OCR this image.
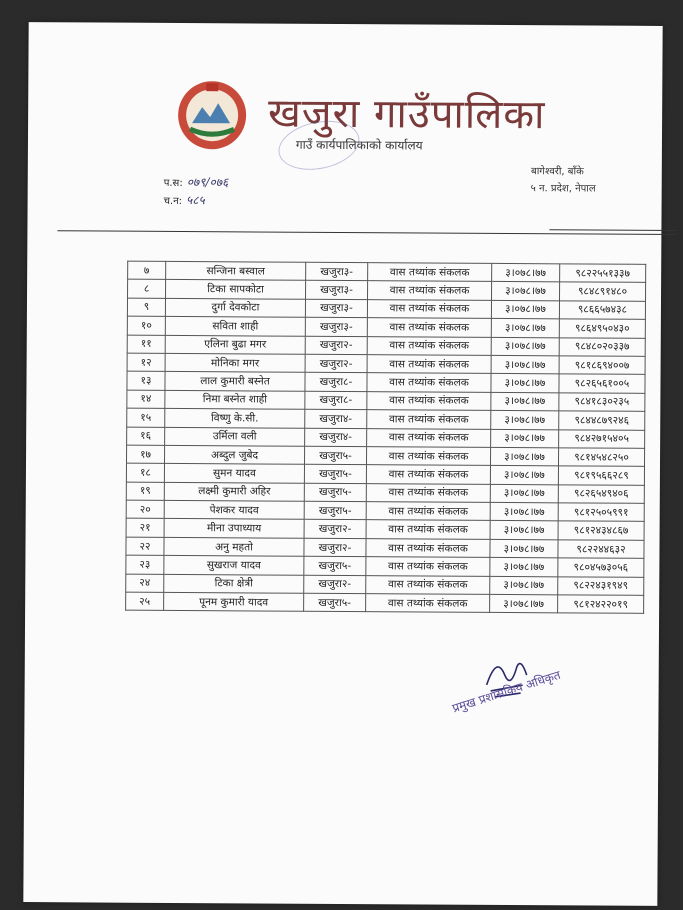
खजुरा गाउँपालिका
गाउँ कार्यपालिकाको कार्यालय
बागेश्वरी, बाँके
५ न. प्रदेश, नेपाल
प.स: ०७९/०७६
च.न: ५८५
७	सन्जिना बस्वाल	खजुरा३-	वास तथ्यांक संकलक	३।०७८।७७	९८२२५५१३३७
८	टिका सापकोटा	खजुरा३-	वास तथ्यांक संकलक	३।०७८।७७	९८४८९१४८०
९	दुर्गा देवकोटा	खजुरा३-	वास तथ्यांक संकलक	३।०७८।७७	९८६६५७४३८
१०	सविता शाही	खजुरा३-	वास तथ्यांक संकलक	३।०७८।७७	९८६४९५०४३०
११	एलिना बुढा मगर	खजुरा२-	वास तथ्यांक संकलक	३।०७८।७७	९८४८०२०३३७
१२	मोनिका मगर	खजुरा२-	वास तथ्यांक संकलक	३।०७८।७७	९८१८६९४००७
१३	लाल कुमारी बस्नेत	खजुरा८-	वास तथ्यांक संकलक	३।०७८।७७	९८२६५६१००५
१४	निमा बस्नेत शाही	खजुरा८-	वास तथ्यांक संकलक	३।०७८।७७	९८४१८३०२३५
१५	विष्णु के.सी.	खजुरा४-	वास तथ्यांक संकलक	३।०७८।७७	९८४४८७९२४६
१६	उर्मिला वली	खजुरा४-	वास तथ्यांक संकलक	३।०७८।७७	९८४२७१५४०५
१७	अब्दुल जुबेद	खजुरा५-	वास तथ्यांक संकलक	३।०७८।७७	९८१४५४८२५०
१८	सुमन यादव	खजुरा५-	वास तथ्यांक संकलक	३।०७८।७७	९८१९५६६२८९
१९	लक्ष्मी कुमारी अहिर	खजुरा५-	वास तथ्यांक संकलक	३।०७८।७७	९८२६५४९४०६
२०	पेशकर यादव	खजुरा५-	वास तथ्यांक संकलक	३।०७८।७७	९८१२५०५९९१
२१	मीना उपाध्याय	खजुरा२-	वास तथ्यांक संकलक	३।०७८।७७	९८१२४३४८६७
२२	अनु महतो	खजुरा२-	वास तथ्यांक संकलक	३।०७८।७७	९८२२४४६३२
२३	सुखराज यादव	खजुरा५-	वास तथ्यांक संकलक	३।०७८।७७	९८०४५७३०५६
२४	टिका क्षेत्री	खजुरा२-	वास तथ्यांक संकलक	३।०७८।७७	९८२२४३१९४९
२५	पूनम कुमारी यादव	खजुरा५-	वास तथ्यांक संकलक	३।०७८।७७	९८१२४२२०१९
प्रमुख प्रशासकिय अधिकृत
